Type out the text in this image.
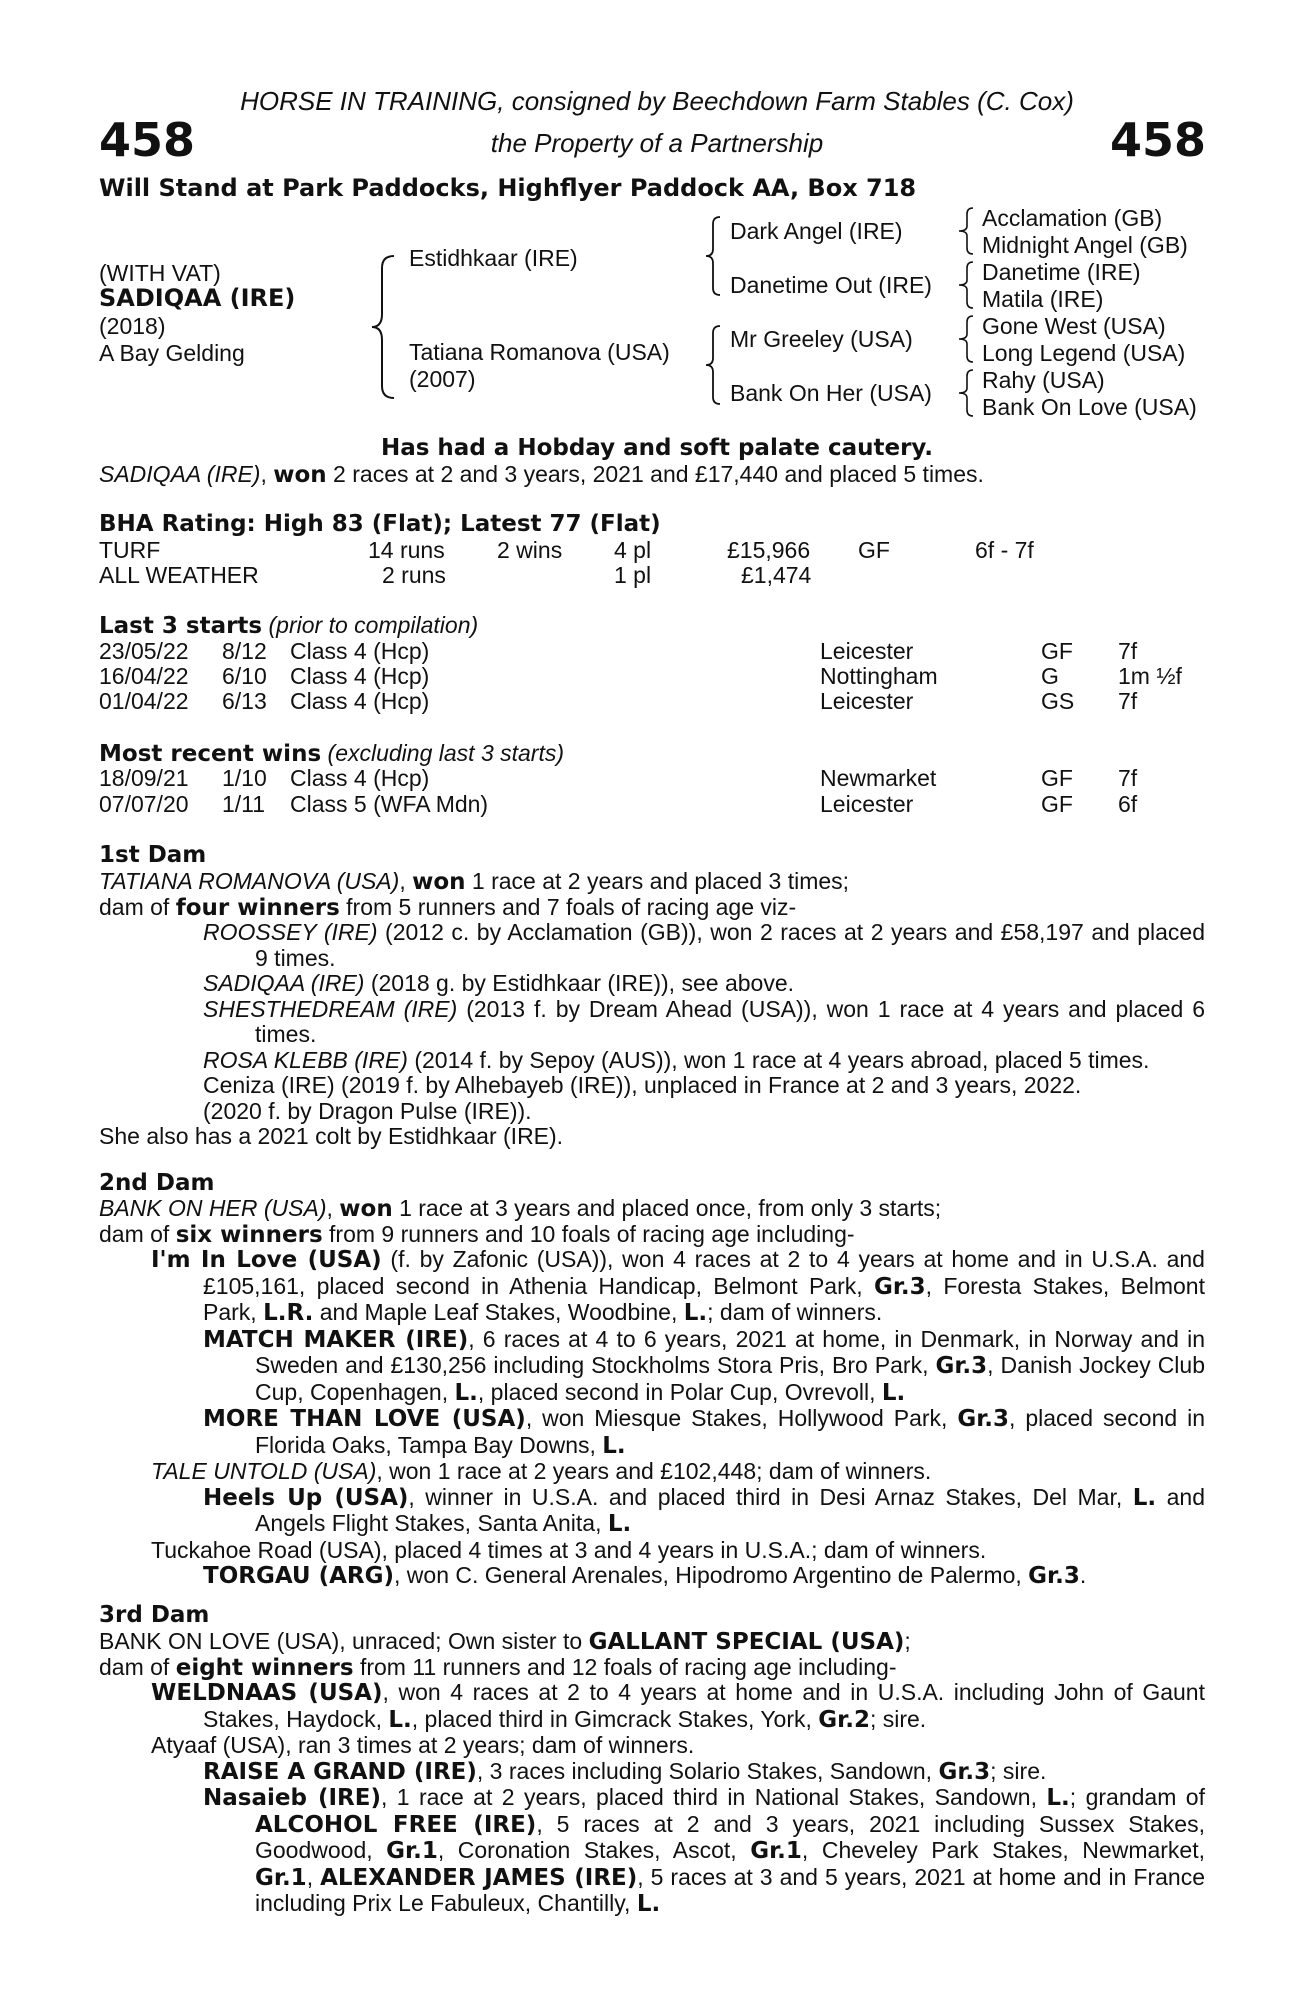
HORSE IN TRAINING, consigned by Beechdown Farm Stables (C. Cox)
458	the Property of a Partnership	458
Will Stand at Park Paddocks, Highflyer Paddock AA, Box 718
(WITH VAT)
SADIQAA (IRE)
(2018)
A Bay Gelding
Estidhkaar (IRE)
Tatiana Romanova (USA)
(2007)
Dark Angel (IRE)
Danetime Out (IRE)
Mr Greeley (USA)
Bank On Her (USA)
Acclamation (GB)
Midnight Angel (GB)
Danetime (IRE)
Matila (IRE)
Gone West (USA)
Long Legend (USA)
Rahy (USA)
Bank On Love (USA)
Has had a Hobday and soft palate cautery.
SADIQAA (IRE), won 2 races at 2 and 3 years, 2021 and £17,440 and placed 5 times.
BHA Rating: High 83 (Flat); Latest 77 (Flat)
TURF	14 runs 2 wins 4 pl	£15,966 GF	6f - 7f
ALL WEATHER	2 runs	1 pl	£1,474
Last 3 starts (prior to compilation)
23/05/22 8/12 Class 4 (Hcp)	Leicester	GF 7f
16/04/22 6/10 Class 4 (Hcp)	Nottingham	G	1m ½f
01/04/22 6/13 Class 4 (Hcp)	Leicester	GS 7f
Most recent wins (excluding last 3 starts)
18/09/21 1/10 Class 4 (Hcp)	Newmarket	GF 7f
07/07/20 1/11 Class 5 (WFA Mdn)	Leicester	GF 6f
1st Dam
TATIANA ROMANOVA (USA), won 1 race at 2 years and placed 3 times;
dam of four winners from 5 runners and 7 foals of racing age viz-
ROOSSEY (IRE) (2012 c. by Acclamation (GB)), won 2 races at 2 years and £58,197 and placed 9 times.
SADIQAA (IRE) (2018 g. by Estidhkaar (IRE)), see above.
SHESTHEDREAM (IRE) (2013 f. by Dream Ahead (USA)), won 1 race at 4 years and placed 6 times.
ROSA KLEBB (IRE) (2014 f. by Sepoy (AUS)), won 1 race at 4 years abroad, placed 5 times.
Ceniza (IRE) (2019 f. by Alhebayeb (IRE)), unplaced in France at 2 and 3 years, 2022.
(2020 f. by Dragon Pulse (IRE)).
She also has a 2021 colt by Estidhkaar (IRE).
2nd Dam
BANK ON HER (USA), won 1 race at 3 years and placed once, from only 3 starts;
dam of six winners from 9 runners and 10 foals of racing age including-
I'm In Love (USA) (f. by Zafonic (USA)), won 4 races at 2 to 4 years at home and in U.S.A. and £105,161, placed second in Athenia Handicap, Belmont Park, Gr.3, Foresta Stakes, Belmont Park, L.R. and Maple Leaf Stakes, Woodbine, L.; dam of winners.
MATCH MAKER (IRE), 6 races at 4 to 6 years, 2021 at home, in Denmark, in Norway and in Sweden and £130,256 including Stockholms Stora Pris, Bro Park, Gr.3, Danish Jockey Club Cup, Copenhagen, L., placed second in Polar Cup, Ovrevoll, L.
MORE THAN LOVE (USA), won Miesque Stakes, Hollywood Park, Gr.3, placed second in Florida Oaks, Tampa Bay Downs, L.
TALE UNTOLD (USA), won 1 race at 2 years and £102,448; dam of winners.
Heels Up (USA), winner in U.S.A. and placed third in Desi Arnaz Stakes, Del Mar, L. and Angels Flight Stakes, Santa Anita, L.
Tuckahoe Road (USA), placed 4 times at 3 and 4 years in U.S.A.; dam of winners.
TORGAU (ARG), won C. General Arenales, Hipodromo Argentino de Palermo, Gr.3.
3rd Dam
BANK ON LOVE (USA), unraced; Own sister to GALLANT SPECIAL (USA);
dam of eight winners from 11 runners and 12 foals of racing age including-
WELDNAAS (USA), won 4 races at 2 to 4 years at home and in U.S.A. including John of Gaunt Stakes, Haydock, L., placed third in Gimcrack Stakes, York, Gr.2; sire.
Atyaaf (USA), ran 3 times at 2 years; dam of winners.
RAISE A GRAND (IRE), 3 races including Solario Stakes, Sandown, Gr.3; sire.
Nasaieb (IRE), 1 race at 2 years, placed third in National Stakes, Sandown, L.; grandam of ALCOHOL FREE (IRE), 5 races at 2 and 3 years, 2021 including Sussex Stakes, Goodwood, Gr.1, Coronation Stakes, Ascot, Gr.1, Cheveley Park Stakes, Newmarket, Gr.1, ALEXANDER JAMES (IRE), 5 races at 3 and 5 years, 2021 at home and in France including Prix Le Fabuleux, Chantilly, L.
